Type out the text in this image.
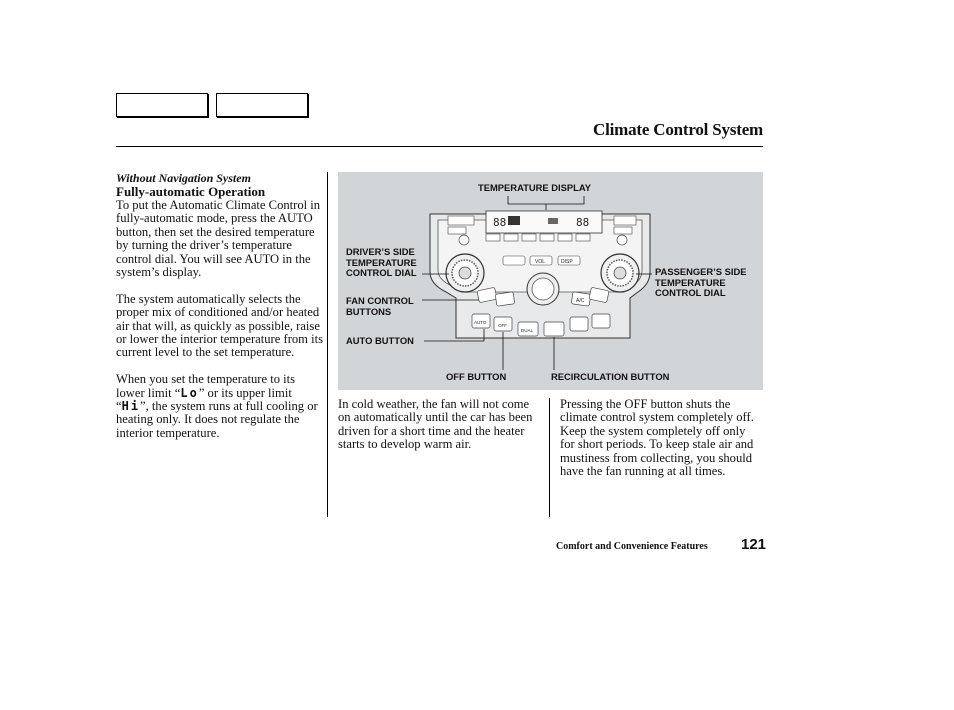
Climate Control System

Without Navigation System

Fully-automatic Operation

To put the Automatic Climate Control in fully-automatic mode, press the AUTO button, then set the desired temperature by turning the driver’s temperature control dial. You will see AUTO in the system’s display.

The system automatically selects the proper mix of conditioned and/or heated air that will, as quickly as possible, raise or lower the interior temperature from its current level to the set temperature.

When you set the temperature to its lower limit “Lo” or its upper limit “Hi”, the system runs at full cooling or heating only. It does not regulate the interior temperature.

88	88
VOL	DISP
A/C
AUTO
OFF
DUAL
TEMPERATURE DISPLAY
DRIVER’S SIDE
TEMPERATURE
CONTROL DIAL
FAN CONTROL
BUTTONS
AUTO BUTTON
OFF BUTTON	RECIRCULATION BUTTON
PASSENGER’S SIDE
TEMPERATURE
CONTROL DIAL

In cold weather, the fan will not come on automatically until the car has been driven for a short time and the heater starts to develop warm air.

Pressing the OFF button shuts the climate control system completely off. Keep the system completely off only for short periods. To keep stale air and mustiness from collecting, you should have the fan running at all times.

Comfort and Convenience Features 121
